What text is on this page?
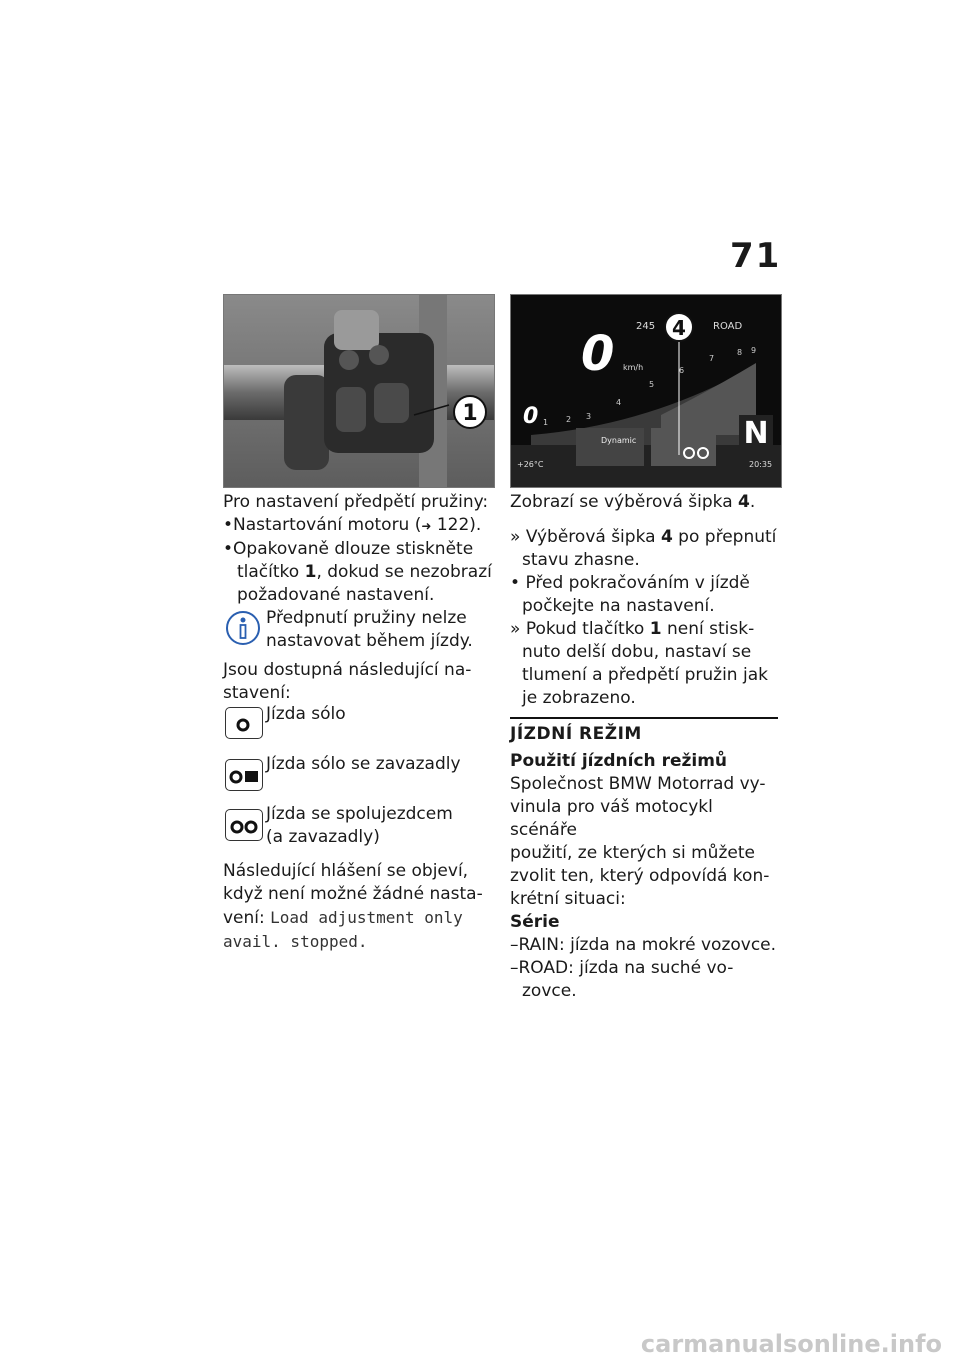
71
1
0 km/h
245	ROAD
0 1 2 3
4
5
6
7
8 9
Dynamic
4
N
+26°C	20:35
Pro nastavení předpětí pružiny:
•Nastartování motoru (➜ 122).
•Opakovaně dlouze stiskněte
tlačítko 1, dokud se nezobrazí
požadované nastavení.
Předpnutí pružiny nelze
nastavovat během jízdy.
Jsou dostupná následující na-
stavení:
Jízda sólo
Jízda sólo se zavazadly
Jízda se spolujezdcem
(a zavazadly)
Následující hlášení se objeví,
když není možné žádné nasta-
vení: Load adjustment only
avail. stopped.
Zobrazí se výběrová šipka 4.
» Výběrová šipka 4 po přepnutí
stavu zhasne.
• Před pokračováním v jízdě
počkejte na nastavení.
» Pokud tlačítko 1 není stisk-
nuto delší dobu, nastaví se
tlumení a předpětí pružin jak
je zobrazeno.
JÍZDNÍ REŽIM
Použití jízdních režimů
Společnost BMW Motorrad vy-
vinula pro váš motocykl scénáře
použití, ze kterých si můžete
zvolit ten, který odpovídá kon-
krétní situaci:
Série
–RAIN: jízda na mokré vozovce.
–ROAD: jízda na suché vo-
zovce.
carmanualsonline.info
